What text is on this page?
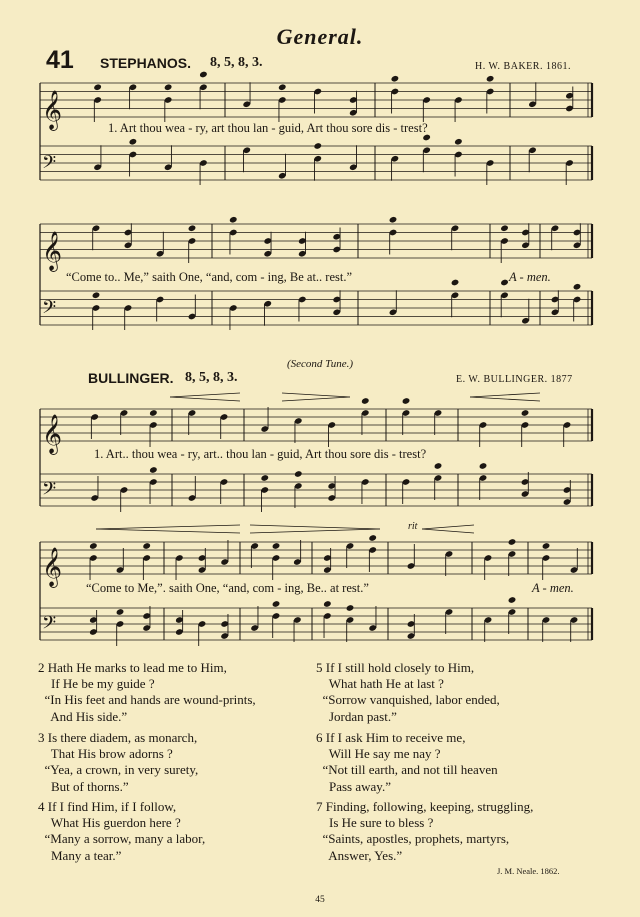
General.
41 STEPHANOS. 8, 5, 8, 3.	H. W. BAKER. 1861.
𝄞
𝄢
𝄞
𝄢
𝄞
𝄢
𝄞
𝄢
1. Art thou wea - ry, art thou lan - guid, Art thou sore dis - trest?
“Come to.. Me,” saith One, “and, com - ing, Be at.. rest.”	A - men.
(Second Tune.)
BULLINGER. 8, 5, 8, 3.	E. W. BULLINGER. 1877
1. Art.. thou wea - ry, art.. thou lan - guid, Art thou sore dis - trest?
rit
“Come to Me,”. saith One, “and, com - ing, Be.. at rest.”	A - men.
2 Hath He marks to lead me to Him,
If He be my guide ?
“In His feet and hands are wound-prints,
And His side.”
3 Is there diadem, as monarch,
That His brow adorns ?
“Yea, a crown, in very surety,
But of thorns.”
4 If I find Him, if I follow,
What His guerdon here ?
“Many a sorrow, many a labor,
Many a tear.”
5 If I still hold closely to Him,
What hath He at last ?
“Sorrow vanquished, labor ended,
Jordan past.”
6 If I ask Him to receive me,
Will He say me nay ?
“Not till earth, and not till heaven
Pass away.”
7 Finding, following, keeping, struggling,
Is He sure to bless ?
“Saints, apostles, prophets, martyrs,
Answer, Yes.”
J. M. Neale. 1862.
45
